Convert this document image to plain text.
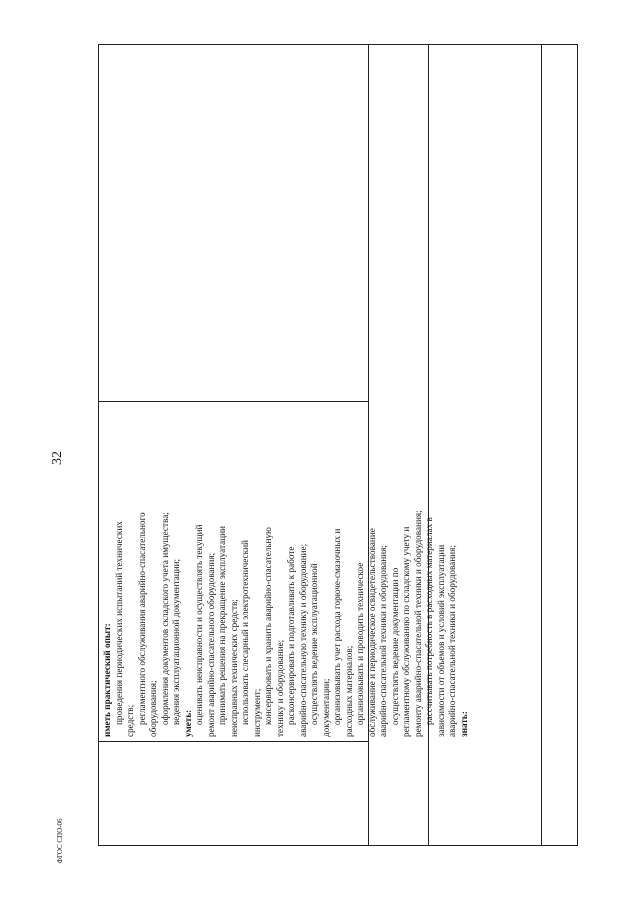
32
иметь практический опыт: проведения периодических испытаний технических средств; регламентного обслуживания аварийно-спасательного оборудования; оформления документов складского учета имущества; ведения эксплуатационной документации; уметь: оценивать неисправности и осуществлять текущий ремонт аварийно-спасательного оборудования; принимать решения на прекращение эксплуатации неисправных технических средств; использовать слесарный и электротехнический инструмент; консервировать и хранить аварийно-спасательную технику и оборудование; расконсервировать и подготавливать к работе аварийно-спасательную технику и оборудование; осуществлять ведение эксплуатационной документации; организовывать учет расхода горюче-смазочных и расходных материалов; организовывать и проводить техническое обслуживание и периодическое освидетельствование аварийно-спасательной техники и оборудования; осуществлять ведение документации по регламентному обслуживанию по складскому учету и ремонту аварийно-спасательной техники и оборудования; рассчитывать потребность в расходных материалах в зависимости от объемов и условий эксплуатации аварийно-спасательной техники и оборудования; знать:
ФГОС СПО-06
